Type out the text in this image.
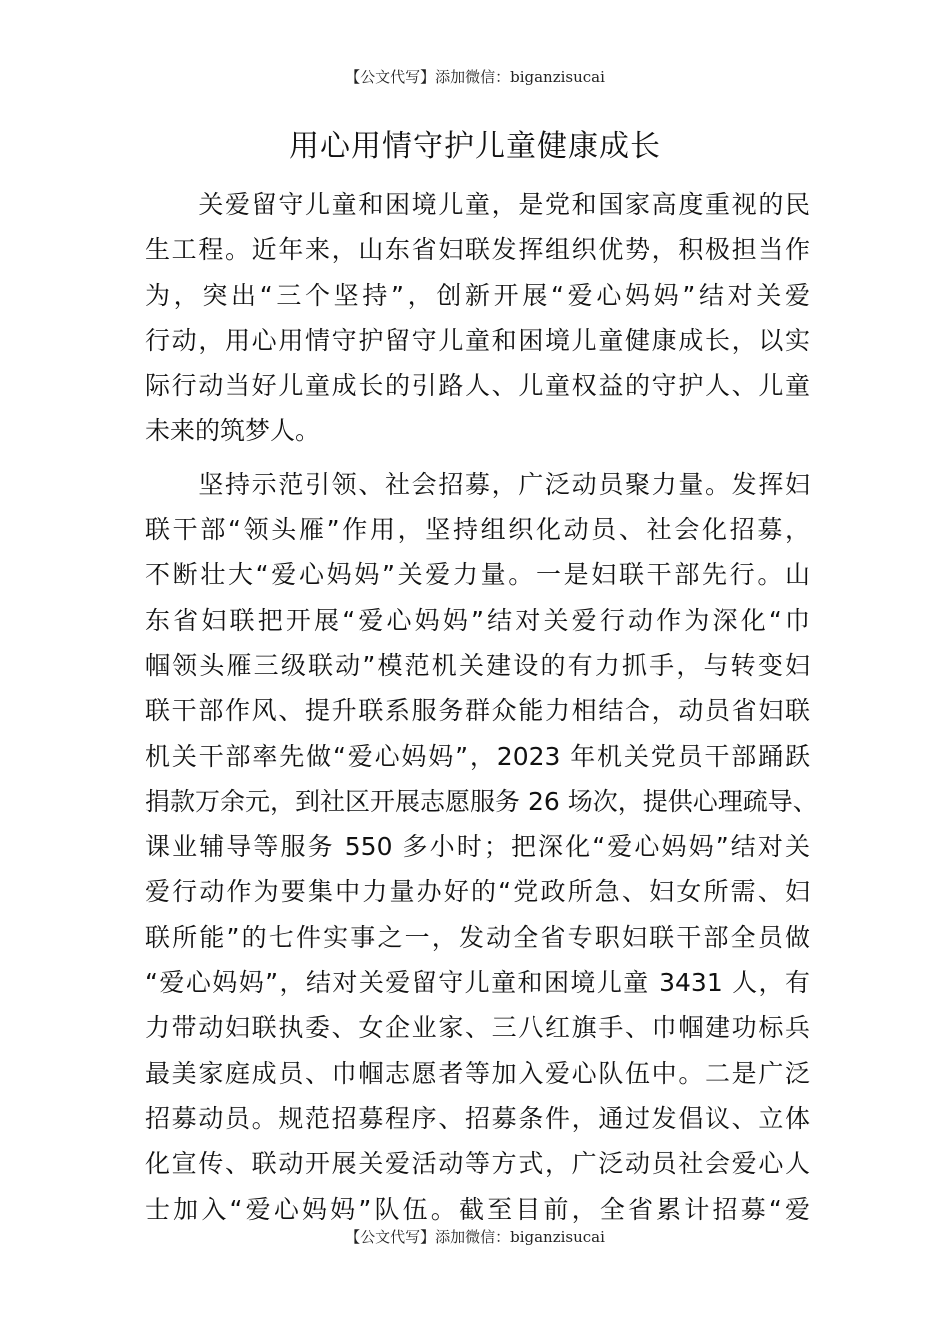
【公文代写】添加微信：biganzisucai
用心用情守护儿童健康成长
　　关爱留守儿童和困境儿童，是党和国家高度重视的民
生工程。近年来，山东省妇联发挥组织优势，积极担当作
为，突出“三个坚持”，创新开展“爱心妈妈”结对关爱
行动，用心用情守护留守儿童和困境儿童健康成长，以实
际行动当好儿童成长的引路人、儿童权益的守护人、儿童
未来的筑梦人。
　　坚持示范引领、社会招募，广泛动员聚力量。发挥妇
联干部“领头雁”作用，坚持组织化动员、社会化招募，
不断壮大“爱心妈妈”关爱力量。一是妇联干部先行。山
东省妇联把开展“爱心妈妈”结对关爱行动作为深化“巾
帼领头雁三级联动”模范机关建设的有力抓手，与转变妇
联干部作风、提升联系服务群众能力相结合，动员省妇联
机关干部率先做“爱心妈妈”，2023 年机关党员干部踊跃
捐款万余元，到社区开展志愿服务 26 场次，提供心理疏导、
课业辅导等服务 550 多小时；把深化“爱心妈妈”结对关
爱行动作为要集中力量办好的“党政所急、妇女所需、妇
联所能”的七件实事之一，发动全省专职妇联干部全员做
“爱心妈妈”，结对关爱留守儿童和困境儿童 3431 人，有
力带动妇联执委、女企业家、三八红旗手、巾帼建功标兵
最美家庭成员、巾帼志愿者等加入爱心队伍中。二是广泛
招募动员。规范招募程序、招募条件，通过发倡议、立体
化宣传、联动开展关爱活动等方式，广泛动员社会爱心人
士加入“爱心妈妈”队伍。截至目前，全省累计招募“爱
【公文代写】添加微信：biganzisucai
